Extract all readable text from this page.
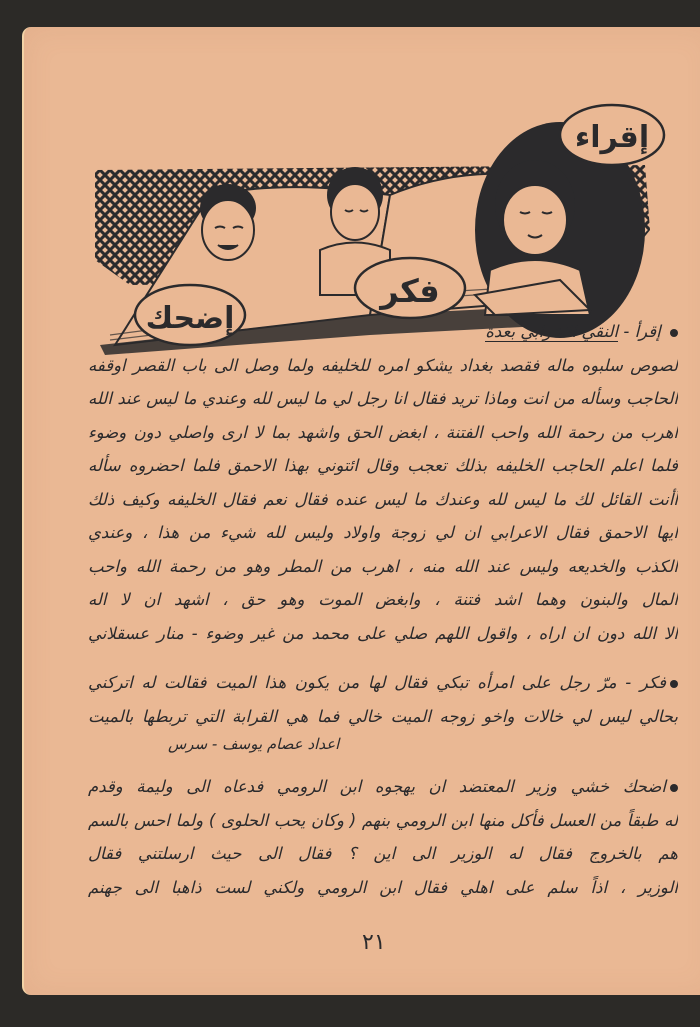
إقراء
فكر
إضحك	إقرأ - النقي الاعرابي بعدة
لصوص سلبوه ماله فقصد بغداد يشكو امره للخليفه ولما وصل الى باب القصر اوقفه
الحاجب وسأله من انت وماذا تريد فقال انا رجل لي ما ليس لله وعندي ما ليس عند الله
اهرب من رحمة الله واحب الفتنة ، ابغض الحق واشهد بما لا ارى واصلي دون وضوء
فلما اعلم الحاجب الخليفه بذلك تعجب وقال ائتوني بهذا الاحمق فلما احضروه سأله
أأنت القائل لك ما ليس لله وعندك ما ليس عنده فقال نعم فقال الخليفه وكيف ذلك
ايها الاحمق فقال الاعرابي ان لي زوجة واولاد وليس لله شيء من هذا ، وعندي
الكذب والخديعه وليس عند الله منه ، اهرب من المطر وهو من رحمة الله واحب
المال والبنون وهما اشد فتنة ، وابغض الموت وهو حق ، اشهد ان لا اله
الا الله دون ان اراه ، واقول اللهم صلي على محمد من غير وضوء - منار عسقلاني
فكر - مرّ رجل على امرأه تبكي فقال لها من يكون هذا الميت فقالت له اتركني
بحالي ليس لي خالات واخو زوجه الميت خالي فما هي القرابة التي تربطها بالميت
اعداد عصام يوسف - سرس
اضحك خشي وزير المعتضد ان يهجوه ابن الرومي فدعاه الى وليمة وقدم
له طبقاً من العسل فأكل منها ابن الرومي بنهم ( وكان يحب الحلوى ) ولما احس بالسم
هم بالخروج فقال له الوزير الى اين ؟ فقال الى حيث ارسلتني فقال
الوزير ، اذاً سلم على اهلي فقال ابن الرومي ولكني لست ذاهبا الى جهنم
٢١
